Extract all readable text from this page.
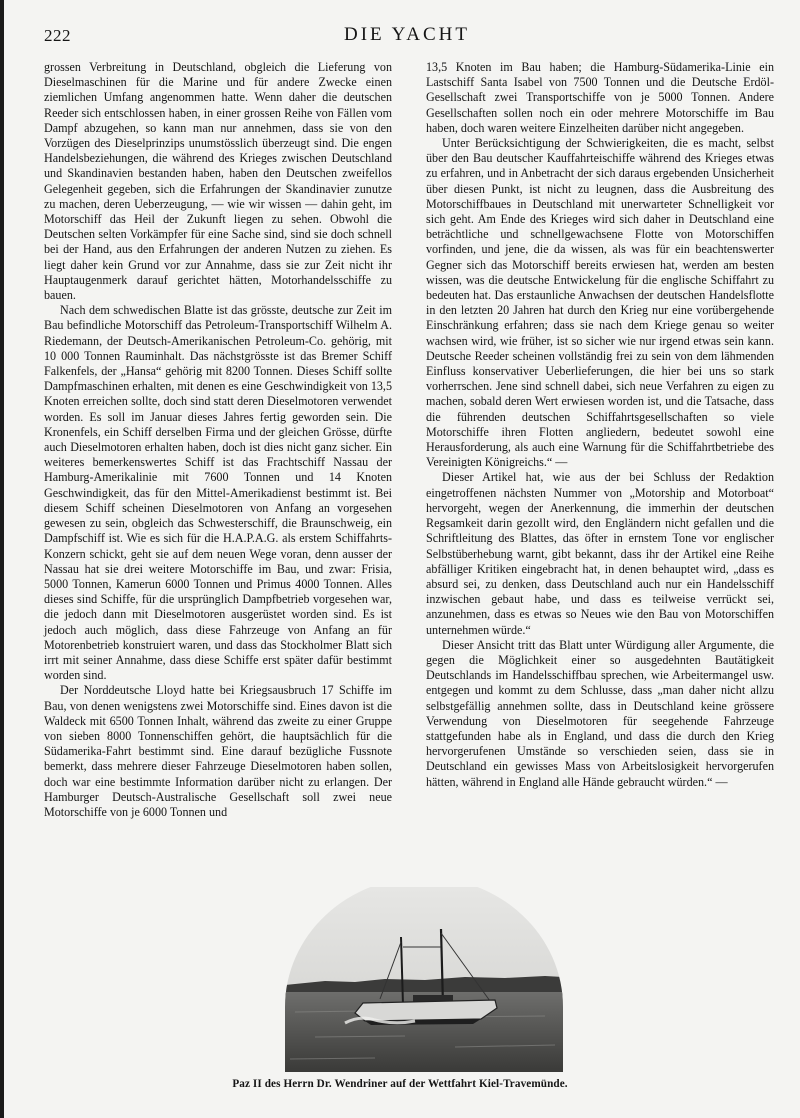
222	DIE YACHT

grossen Verbreitung in Deutschland, obgleich die Lieferung von Dieselmaschinen für die Marine und für andere Zwecke einen ziemlichen Umfang angenommen hatte. Wenn daher die deutschen Reeder sich entschlossen haben, in einer grossen Reihe von Fällen vom Dampf abzugehen, so kann man nur annehmen, dass sie von den Vorzügen des Dieselprinzips unumstösslich überzeugt sind. Die engen Handelsbeziehungen, die während des Krieges zwischen Deutschland und Skandinavien bestanden haben, haben den Deutschen zweifellos Gelegenheit gegeben, sich die Erfahrungen der Skandinavier zunutze zu machen, deren Ueberzeugung, — wie wir wissen — dahin geht, im Motorschiff das Heil der Zukunft liegen zu sehen. Obwohl die Deutschen selten Vorkämpfer für eine Sache sind, sind sie doch schnell bei der Hand, aus den Erfahrungen der anderen Nutzen zu ziehen. Es liegt daher kein Grund vor zur Annahme, dass sie zur Zeit nicht ihr Hauptaugenmerk darauf gerichtet hätten, Motorhandelsschiffe zu bauen.

Nach dem schwedischen Blatte ist das grösste, deutsche zur Zeit im Bau befindliche Motorschiff das Petroleum-Transportschiff Wilhelm A. Riedemann, der Deutsch-Amerikanischen Petroleum-Co. gehörig, mit 10 000 Tonnen Rauminhalt. Das nächstgrösste ist das Bremer Schiff Falkenfels, der „Hansa“ gehörig mit 8200 Tonnen. Dieses Schiff sollte Dampfmaschinen erhalten, mit denen es eine Geschwindigkeit von 13,5 Knoten erreichen sollte, doch sind statt deren Dieselmotoren verwendet worden. Es soll im Januar dieses Jahres fertig geworden sein. Die Kronenfels, ein Schiff derselben Firma und der gleichen Grösse, dürfte auch Dieselmotoren erhalten haben, doch ist dies nicht ganz sicher. Ein weiteres bemerkenswertes Schiff ist das Frachtschiff Nassau der Hamburg-Amerikalinie mit 7600 Tonnen und 14 Knoten Geschwindigkeit, das für den Mittel-Amerikadienst bestimmt ist. Bei diesem Schiff scheinen Dieselmotoren von Anfang an vorgesehen gewesen zu sein, obgleich das Schwesterschiff, die Braunschweig, ein Dampfschiff ist. Wie es sich für die H.A.P.A.G. als erstem Schiffahrts-Konzern schickt, geht sie auf dem neuen Wege voran, denn ausser der Nassau hat sie drei weitere Motorschiffe im Bau, und zwar: Frisia, 5000 Tonnen, Kamerun 6000 Tonnen und Primus 4000 Tonnen. Alles dieses sind Schiffe, für die ursprünglich Dampfbetrieb vorgesehen war, die jedoch dann mit Dieselmotoren ausgerüstet worden sind. Es ist jedoch auch möglich, dass diese Fahrzeuge von Anfang an für Motorenbetrieb konstruiert waren, und dass das Stockholmer Blatt sich irrt mit seiner Annahme, dass diese Schiffe erst später dafür bestimmt worden sind.

Der Norddeutsche Lloyd hatte bei Kriegsausbruch 17 Schiffe im Bau, von denen wenigstens zwei Motorschiffe sind. Eines davon ist die Waldeck mit 6500 Tonnen Inhalt, während das zweite zu einer Gruppe von sieben 8000 Tonnenschiffen gehört, die hauptsächlich für die Südamerika-Fahrt bestimmt sind. Eine darauf bezügliche Fussnote bemerkt, dass mehrere dieser Fahrzeuge Dieselmotoren haben sollen, doch war eine bestimmte Information darüber nicht zu erlangen. Der Hamburger Deutsch-Australische Gesellschaft soll zwei neue Motorschiffe von je 6000 Tonnen und

13,5 Knoten im Bau haben; die Hamburg-Südamerika-Linie ein Lastschiff Santa Isabel von 7500 Tonnen und die Deutsche Erdöl-Gesellschaft zwei Transportschiffe von je 5000 Tonnen. Andere Gesellschaften sollen noch ein oder mehrere Motorschiffe im Bau haben, doch waren weitere Einzelheiten darüber nicht angegeben.

Unter Berücksichtigung der Schwierigkeiten, die es macht, selbst über den Bau deutscher Kauffahrteischiffe während des Krieges etwas zu erfahren, und in Anbetracht der sich daraus ergebenden Unsicherheit über diesen Punkt, ist nicht zu leugnen, dass die Ausbreitung des Motorschiffbaues in Deutschland mit unerwarteter Schnelligkeit vor sich geht. Am Ende des Krieges wird sich daher in Deutschland eine beträchtliche und schnellgewachsene Flotte von Motorschiffen vorfinden, und jene, die da wissen, als was für ein beachtenswerter Gegner sich das Motorschiff bereits erwiesen hat, werden am besten wissen, was die deutsche Entwickelung für die englische Schiffahrt zu bedeuten hat. Das erstaunliche Anwachsen der deutschen Handelsflotte in den letzten 20 Jahren hat durch den Krieg nur eine vorübergehende Einschränkung erfahren; dass sie nach dem Kriege genau so weiter wachsen wird, wie früher, ist so sicher wie nur irgend etwas sein kann. Deutsche Reeder scheinen vollständig frei zu sein von dem lähmenden Einfluss konservativer Ueberlieferungen, die hier bei uns so stark vorherrschen. Jene sind schnell dabei, sich neue Verfahren zu eigen zu machen, sobald deren Wert erwiesen worden ist, und die Tatsache, dass die führenden deutschen Schiffahrtsgesellschaften so viele Motorschiffe ihren Flotten angliedern, bedeutet sowohl eine Herausforderung, als auch eine Warnung für die Schiffahrtbetriebe des Vereinigten Königreichs.“ —

Dieser Artikel hat, wie aus der bei Schluss der Redaktion eingetroffenen nächsten Nummer von „Motorship and Motorboat“ hervorgeht, wegen der Anerkennung, die immerhin der deutschen Regsamkeit darin gezollt wird, den Engländern nicht gefallen und die Schriftleitung des Blattes, das öfter in ernstem Tone vor englischer Selbstüberhebung warnt, gibt bekannt, dass ihr der Artikel eine Reihe abfälliger Kritiken eingebracht hat, in denen behauptet wird, „dass es absurd sei, zu denken, dass Deutschland auch nur ein Handelsschiff inzwischen gebaut habe, und dass es teilweise verrückt sei, anzunehmen, dass es etwas so Neues wie den Bau von Motorschiffen unternehmen würde.“

Dieser Ansicht tritt das Blatt unter Würdigung aller Argumente, die gegen die Möglichkeit einer so ausgedehnten Bautätigkeit Deutschlands im Handelsschiffbau sprechen, wie Arbeitermangel usw. entgegen und kommt zu dem Schlusse, dass „man daher nicht allzu selbstgefällig annehmen sollte, dass in Deutschland keine grössere Verwendung von Dieselmotoren für seegehende Fahrzeuge stattgefunden habe als in England, und dass die durch den Krieg hervorgerufenen Umstände so verschieden seien, dass sie in Deutschland ein gewisses Mass von Arbeitslosigkeit hervorgerufen hätten, während in England alle Hände gebraucht würden.“ —

Paz II des Herrn Dr. Wendriner auf der Wettfahrt Kiel-Travemünde.
